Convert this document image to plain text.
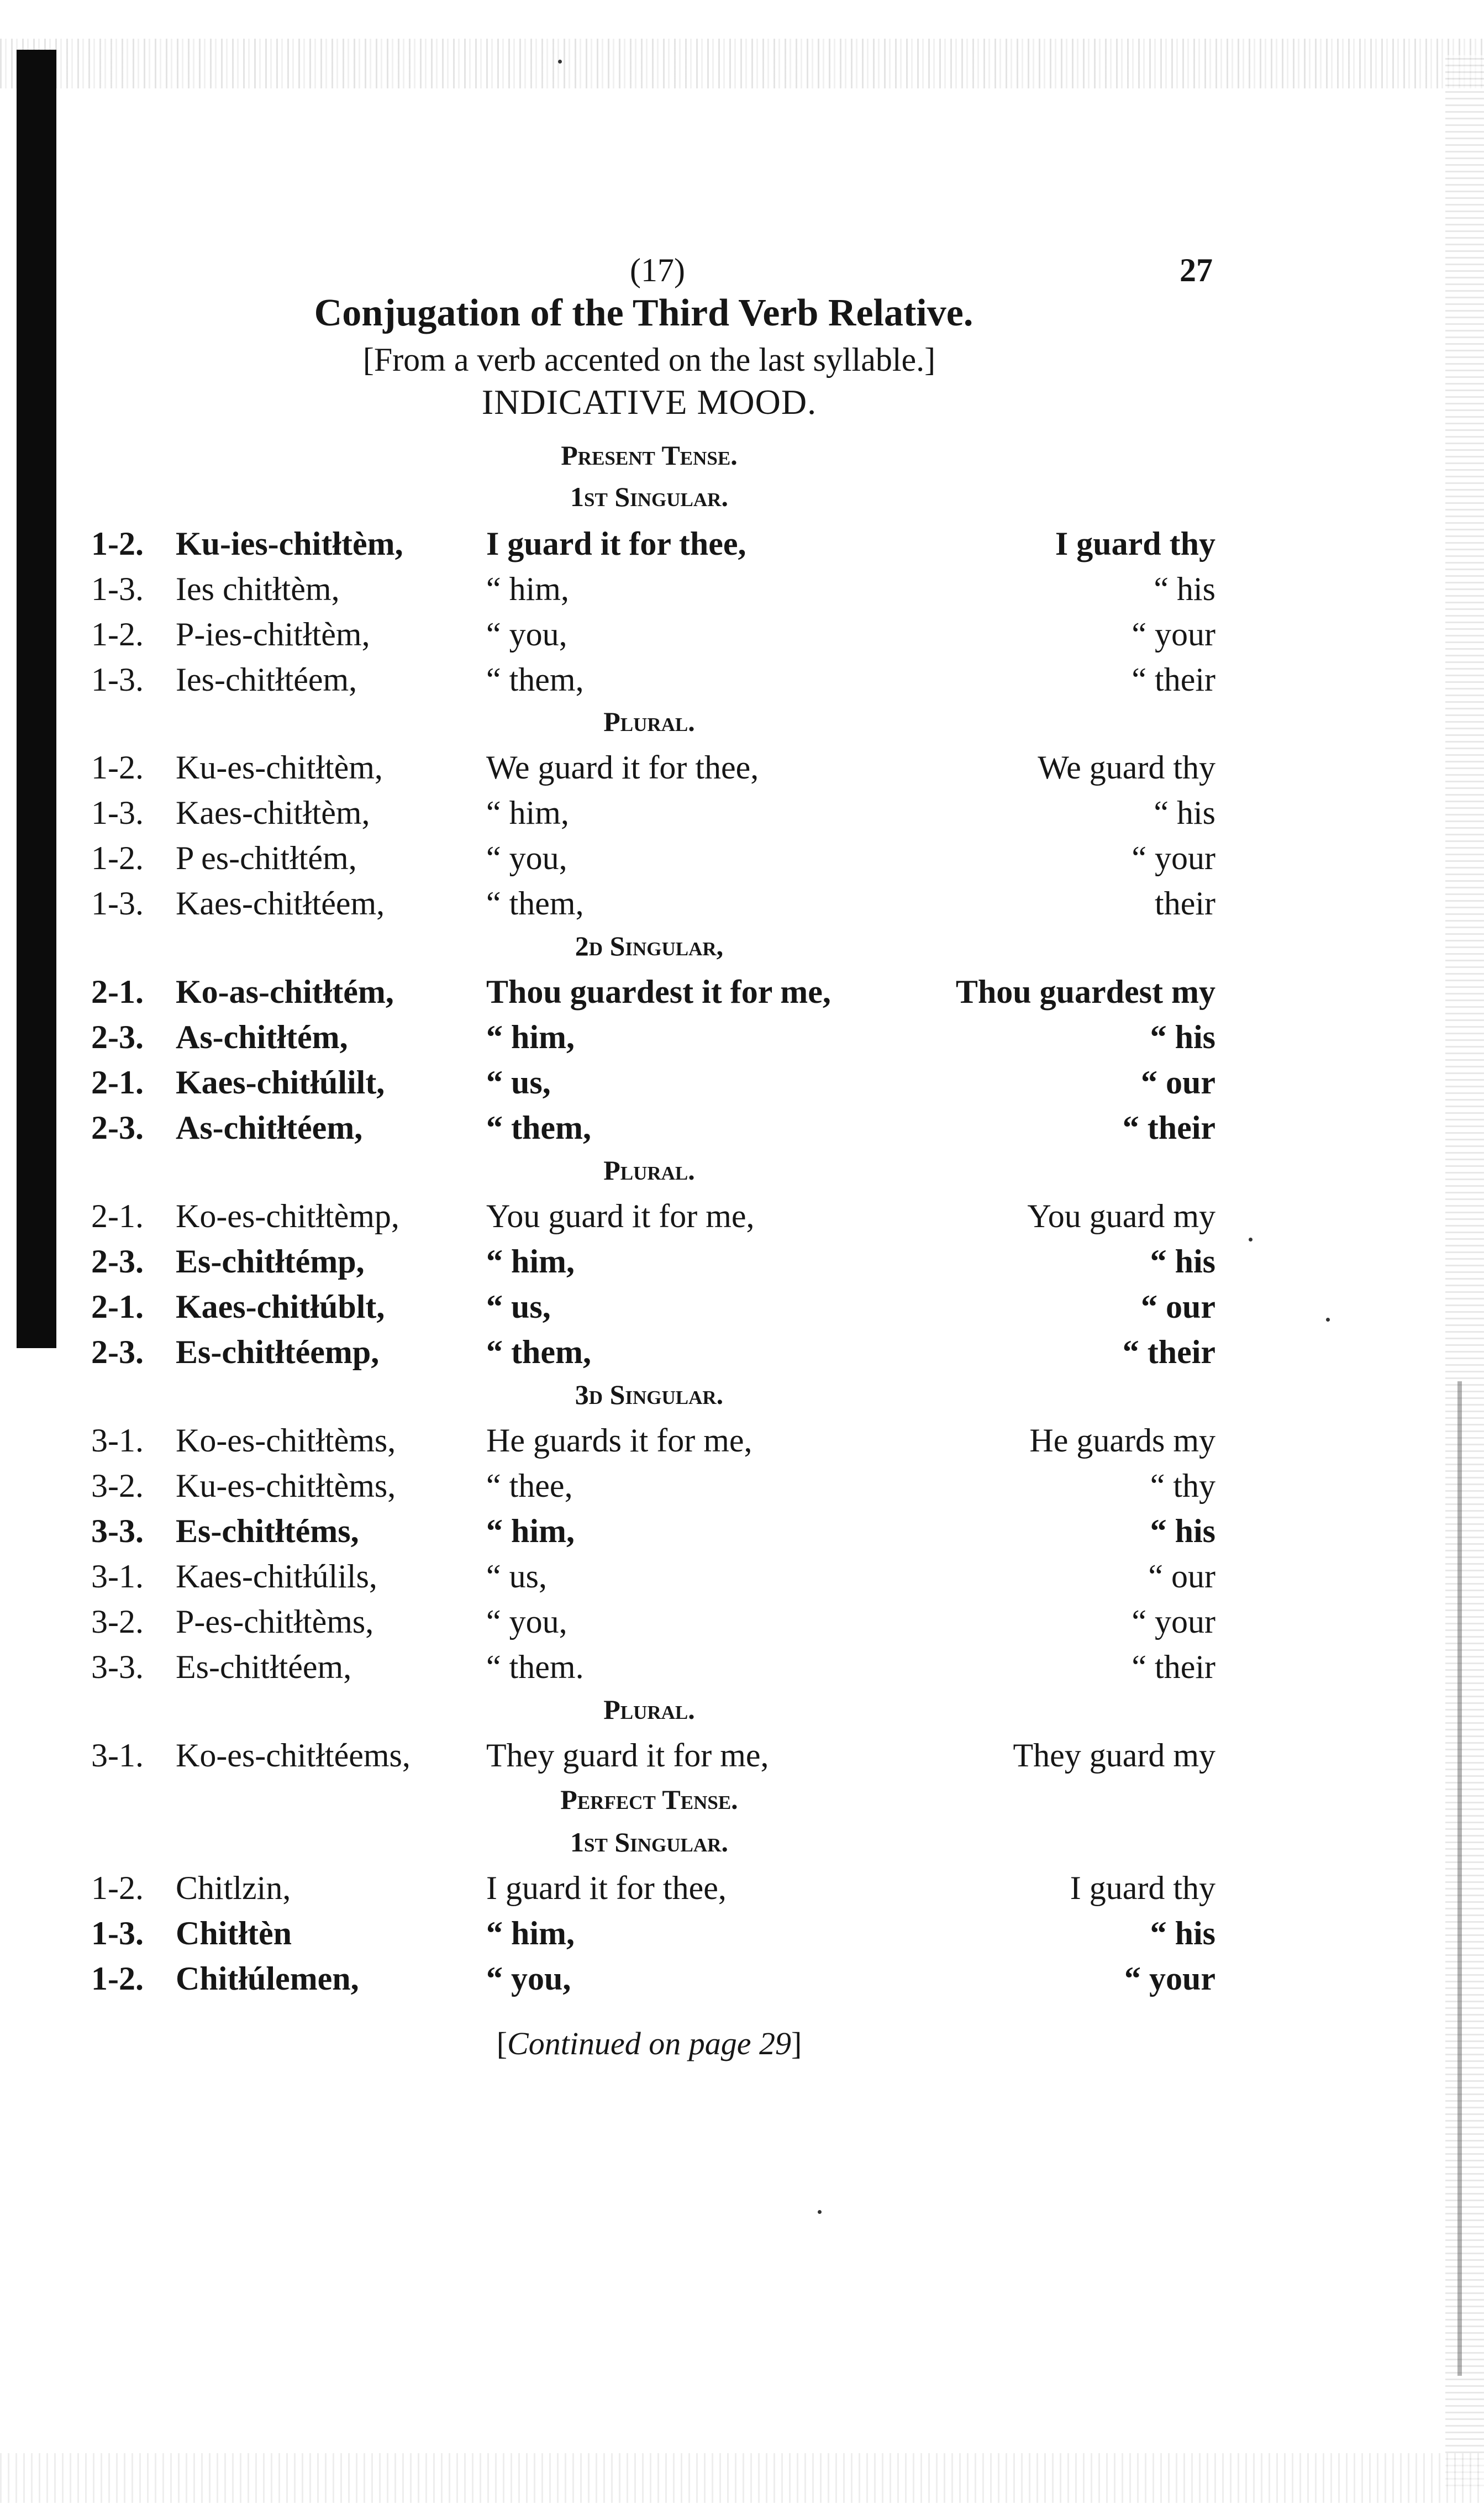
(17)	27
Conjugation of the Third Verb Relative.
[From a verb accented on the last syllable.]
INDICATIVE MOOD.
Present Tense.
1st Singular.
1-2. Ku-ies-chitłtèm,	I guard it for thee,	I guard thy
1-3. Ies chitłtèm,	“ him,	“ his
1-2. P-ies-chitłtèm,	“ you,	“ your
1-3. Ies-chitłtéem,	“ them,	“ their
Plural.
1-2. Ku-es-chitłtèm,	We guard it for thee,	We guard thy
1-3. Kaes-chitłtèm,	“ him,	“ his
1-2. P es-chitłtém,	“ you,	“ your
1-3. Kaes-chitłtéem,	“ them,	their
2d Singular,
2-1. Ko-as-chitłtém,	Thou guardest it for me,	Thou guardest my
2-3. As-chitłtém,	“ him,	“ his
2-1. Kaes-chitłúlilt,	“ us,	“ our
2-3. As-chitłtéem,	“ them,	“ their
Plural.
2-1. Ko-es-chitłtèmp,	You guard it for me,	You guard my
2-3. Es-chitłtémp,	“ him,	“ his
2-1. Kaes-chitłúblt,	“ us,	“ our
2-3. Es-chitłtéemp,	“ them,	“ their
3d Singular.
3-1. Ko-es-chitłtèms,	He guards it for me,	He guards my
3-2. Ku-es-chitłtèms,	“ thee,	“ thy
3-3. Es-chitłtéms,	“ him,	“ his
3-1. Kaes-chitłúlils,	“ us,	“ our
3-2. P-es-chitłtèms,	“ you,	“ your
3-3. Es-chitłtéem,	“ them.	“ their
Plural.
3-1. Ko-es-chitłtéems, They guard it for me,	They guard my
Perfect Tense.
1st Singular.
1-2. Chitlzin,	I guard it for thee,	I guard thy
1-3. Chitłtèn	“ him,	“ his
1-2. Chitłúlemen,	“ you,	“ your
[Continued on page 29]
